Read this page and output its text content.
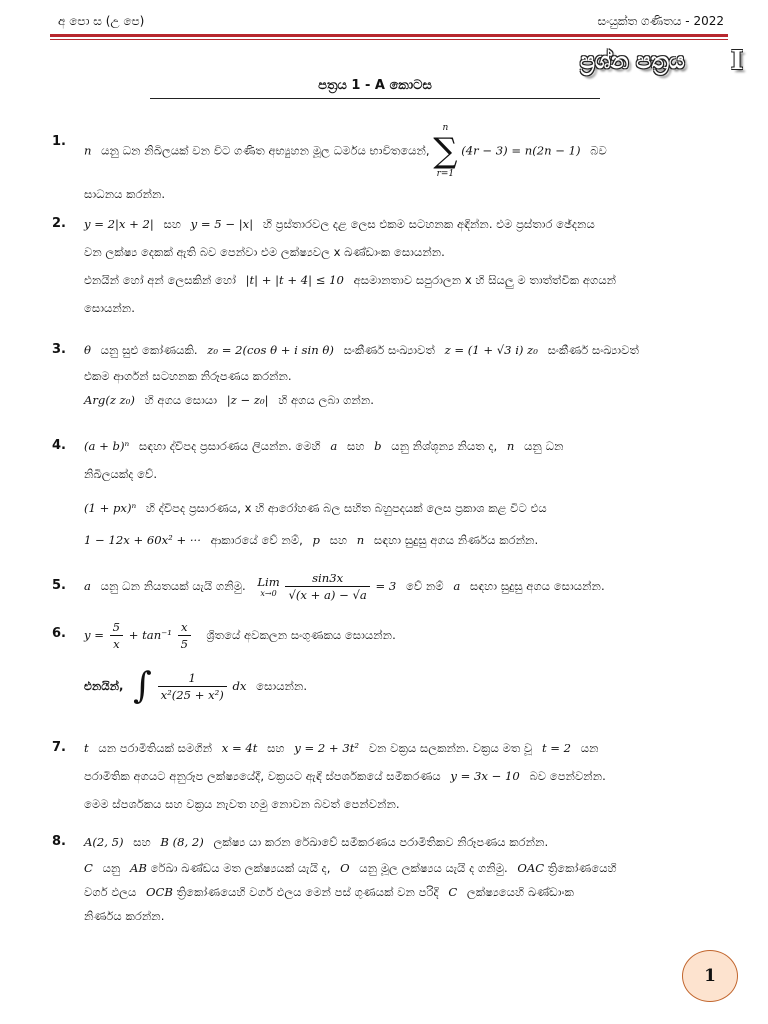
අ පො ස (උ පෙ)	සංයුක්ත ගණිතය - 2022
ප්‍රශ්න පත්‍රය I
පත්‍රය 1 - A කොටස
1.

n යනු ධන නිඛිලයක් වන විට ගණිත අභ්‍යුහන මූල ධර්මය භාවිතයෙන්,
n
∑
r=1
(4r − 3) = n(2n − 1) බව

සාධනය කරන්න.

2. y = 2|x + 2| සහ y = 5 − |x| හි ප්‍රස්තාරවල දළ ලෙස එකම සටහනක අඳින්න. එම ප්‍රස්තාර ඡේදනය

වන ලක්ෂ්‍ය දෙකක් ඇති බව පෙන්වා එම ලක්ෂ්‍යවල x ඛණ්ඩාංක සොයන්න.

එනයින් හෝ අන් ලෙසකින් හෝ |t| + |t + 4| ≤ 10 අසමානතාව සපුරාලන x හි සියලු ම තාත්ත්වික අගයන්

සොයන්න.

3. θ යනු සුළු කෝණයකි. z₀ = 2(cos θ + i sin θ) සංකීර්ණ සංඛ්‍යාවත් z = (1 + √3 i) z₀ සංකීර්ණ සංඛ්‍යාවත්

එකම ආර්ගන් සටහනක නිරූපණය කරන්න.

Arg(z z₀) හි අගය සොයා |z − z₀| හි අගය ලබා ගන්න.

4. (a + b)ⁿ සඳහා ද්විපද ප්‍රසාරණය ලියන්න. මෙහි a සහ b යනු නිශ්ශූන්‍ය නියත ද, n යනු ධන

නිඛිලයක්ද වේ.

(1 + px)ⁿ හි ද්විපද ප්‍රසාරණය, x හි ආරෝහණ බල සහිත බහුපදයක් ලෙස ප්‍රකාශ කළ විට එය

1 − 12x + 60x² + ··· ආකාරයේ වේ නම්, p සහ n සඳහා සුදුසු අගය නිර්ණය කරන්න.

5. a යනු ධන නියතයක් යැයි ගනිමු. Lim
x→0
$\frac{\sin 3x}{√(x + a) - √a} = 3$ වේ නම් a සඳහා සුදුසු අගය සොයන්න.

6. $y = \frac{5}{x} + \tan^{-1} \frac{x}{5}$ ශ්‍රිතයේ අවකලන සංගුණකය සොයන්න.

එනයින්, ∫ $\frac{1}{\text{x²(25 + x²)}}$ dx සොයන්න.

7. t යන පරාමිතියක් සමගින් x = 4t සහ y = 2 + 3t² වන වක්‍රය සලකන්න. වක්‍රය මත වූ t = 2 යන

පරාමිතික අගයට අනුරූප ලක්ෂ්‍යයේදී, වක්‍රයට ඇඳි ස්පර්ශකයේ සමීකරණය y = 3x − 10 බව පෙන්වන්න.

මෙම ස්පර්ශකය සහ වක්‍රය නැවත හමු නොවන බවත් පෙන්වන්න.

8. A(2, 5) සහ B (8, 2) ලක්ෂ්‍ය යා කරන රේඛාවේ සමීකරණය පරාමිතිකව නිරූපණය කරන්න.

C යනු AB රේඛා ඛණ්ඩය මත ලක්ෂ්‍යයක් යැයි ද, O යනු මූල ලක්ෂ්‍යය යැයි ද ගනිමු. OAC ත්‍රිකෝණයෙහි

වර්ග ඵලය OCB ත්‍රිකෝණයෙහි වර්ග ඵලය මෙන් පස් ගුණයක් වන පරිදි C ලක්ෂ්‍යයෙහි ඛණ්ඩාංක

නිර්ණය කරන්න.

1
